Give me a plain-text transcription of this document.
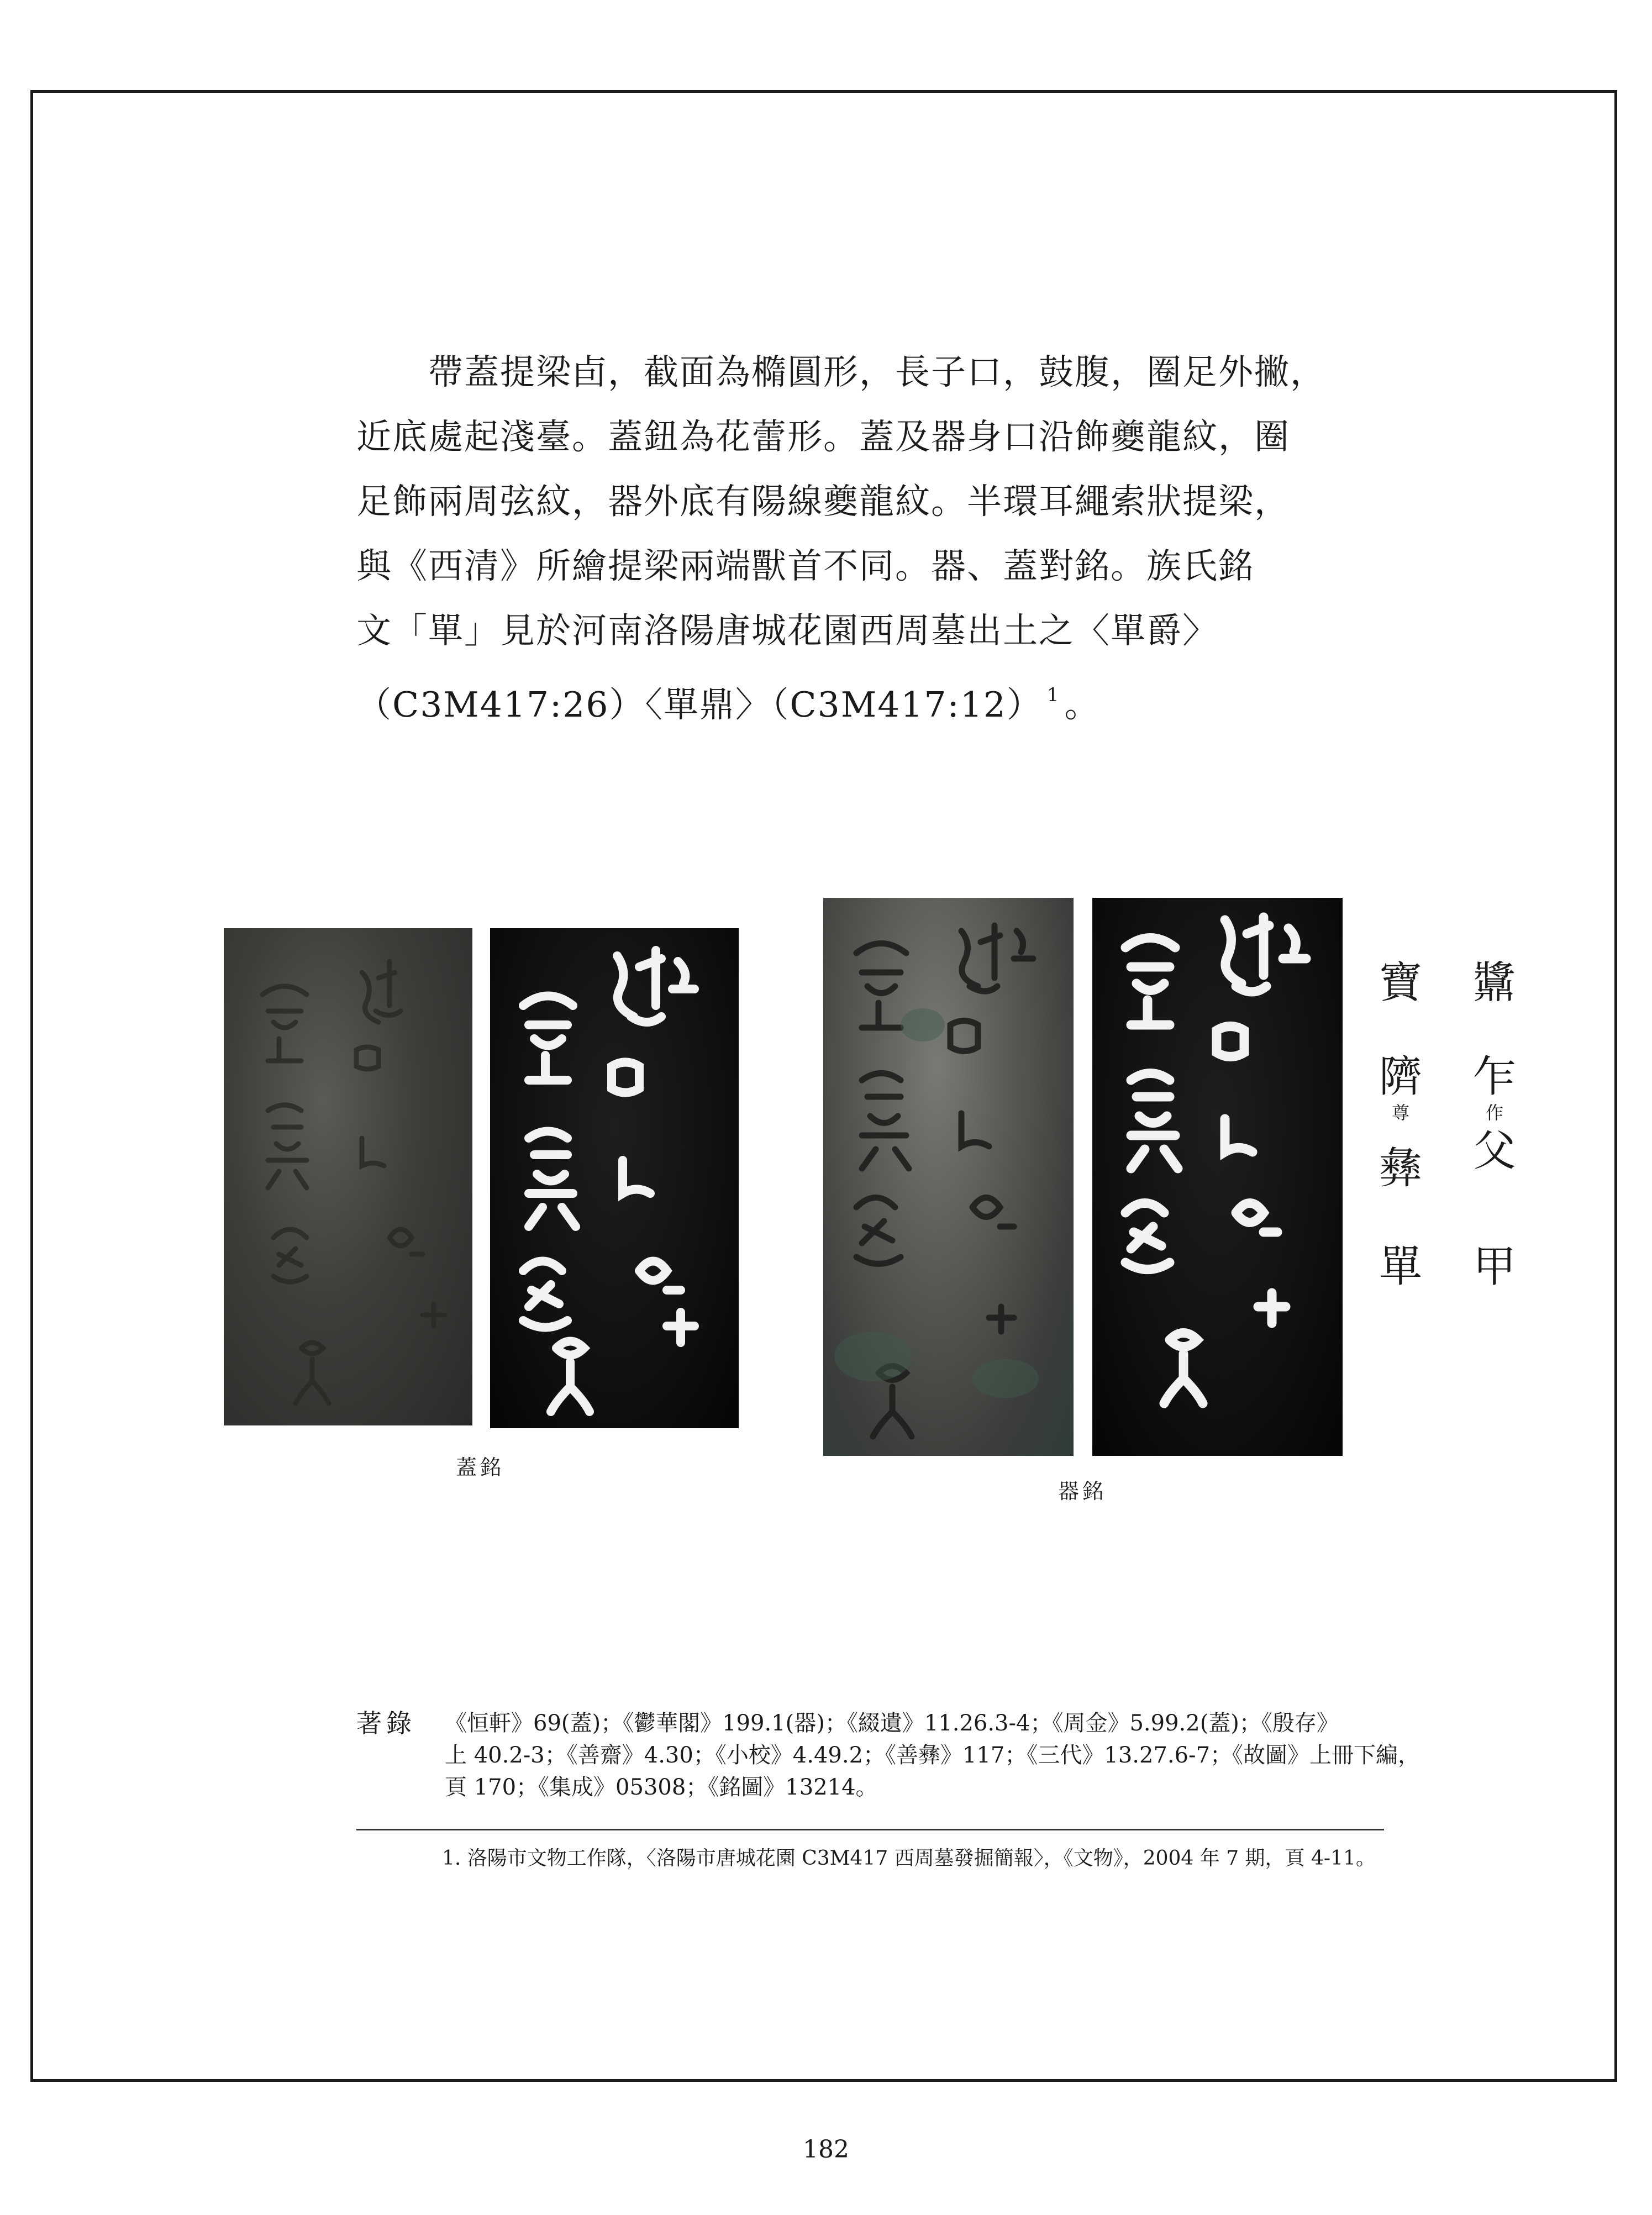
　　帶蓋提梁卣，截面為橢圓形，長子口，鼓腹，圈足外撇，

近底處起淺臺。蓋鈕為花蕾形。蓋及器身口沿飾夔龍紋，圈

足飾兩周弦紋，器外底有陽線夔龍紋。半環耳繩索狀提梁，

與《西清》所繪提梁兩端獸首不同。器、蓋對銘。族氏銘

文「單」見於河南洛陽唐城花園西周墓出土之〈單爵〉

（C3M417:26）〈單鼎〉（C3M417:12） $^1$ 。

蓋銘
器銘
䵼
乍
作
父
甲
寶
隮
尊
彝
單
著錄 《恒軒》69(蓋)；《鬱華閣》199.1(器)；《綴遺》11.26.3-4；《周金》5.99.2(蓋)；《殷存》

上 40.2-3；《善齋》4.30；《小校》4.49.2；《善彝》117；《三代》13.27.6-7；《故圖》上冊下編，

頁 170；《集成》05308；《銘圖》13214。

1. 洛陽市文物工作隊，〈洛陽市唐城花園 C3M417 西周墓發掘簡報〉，《文物》，2004 年 7 期，頁 4-11。
182
